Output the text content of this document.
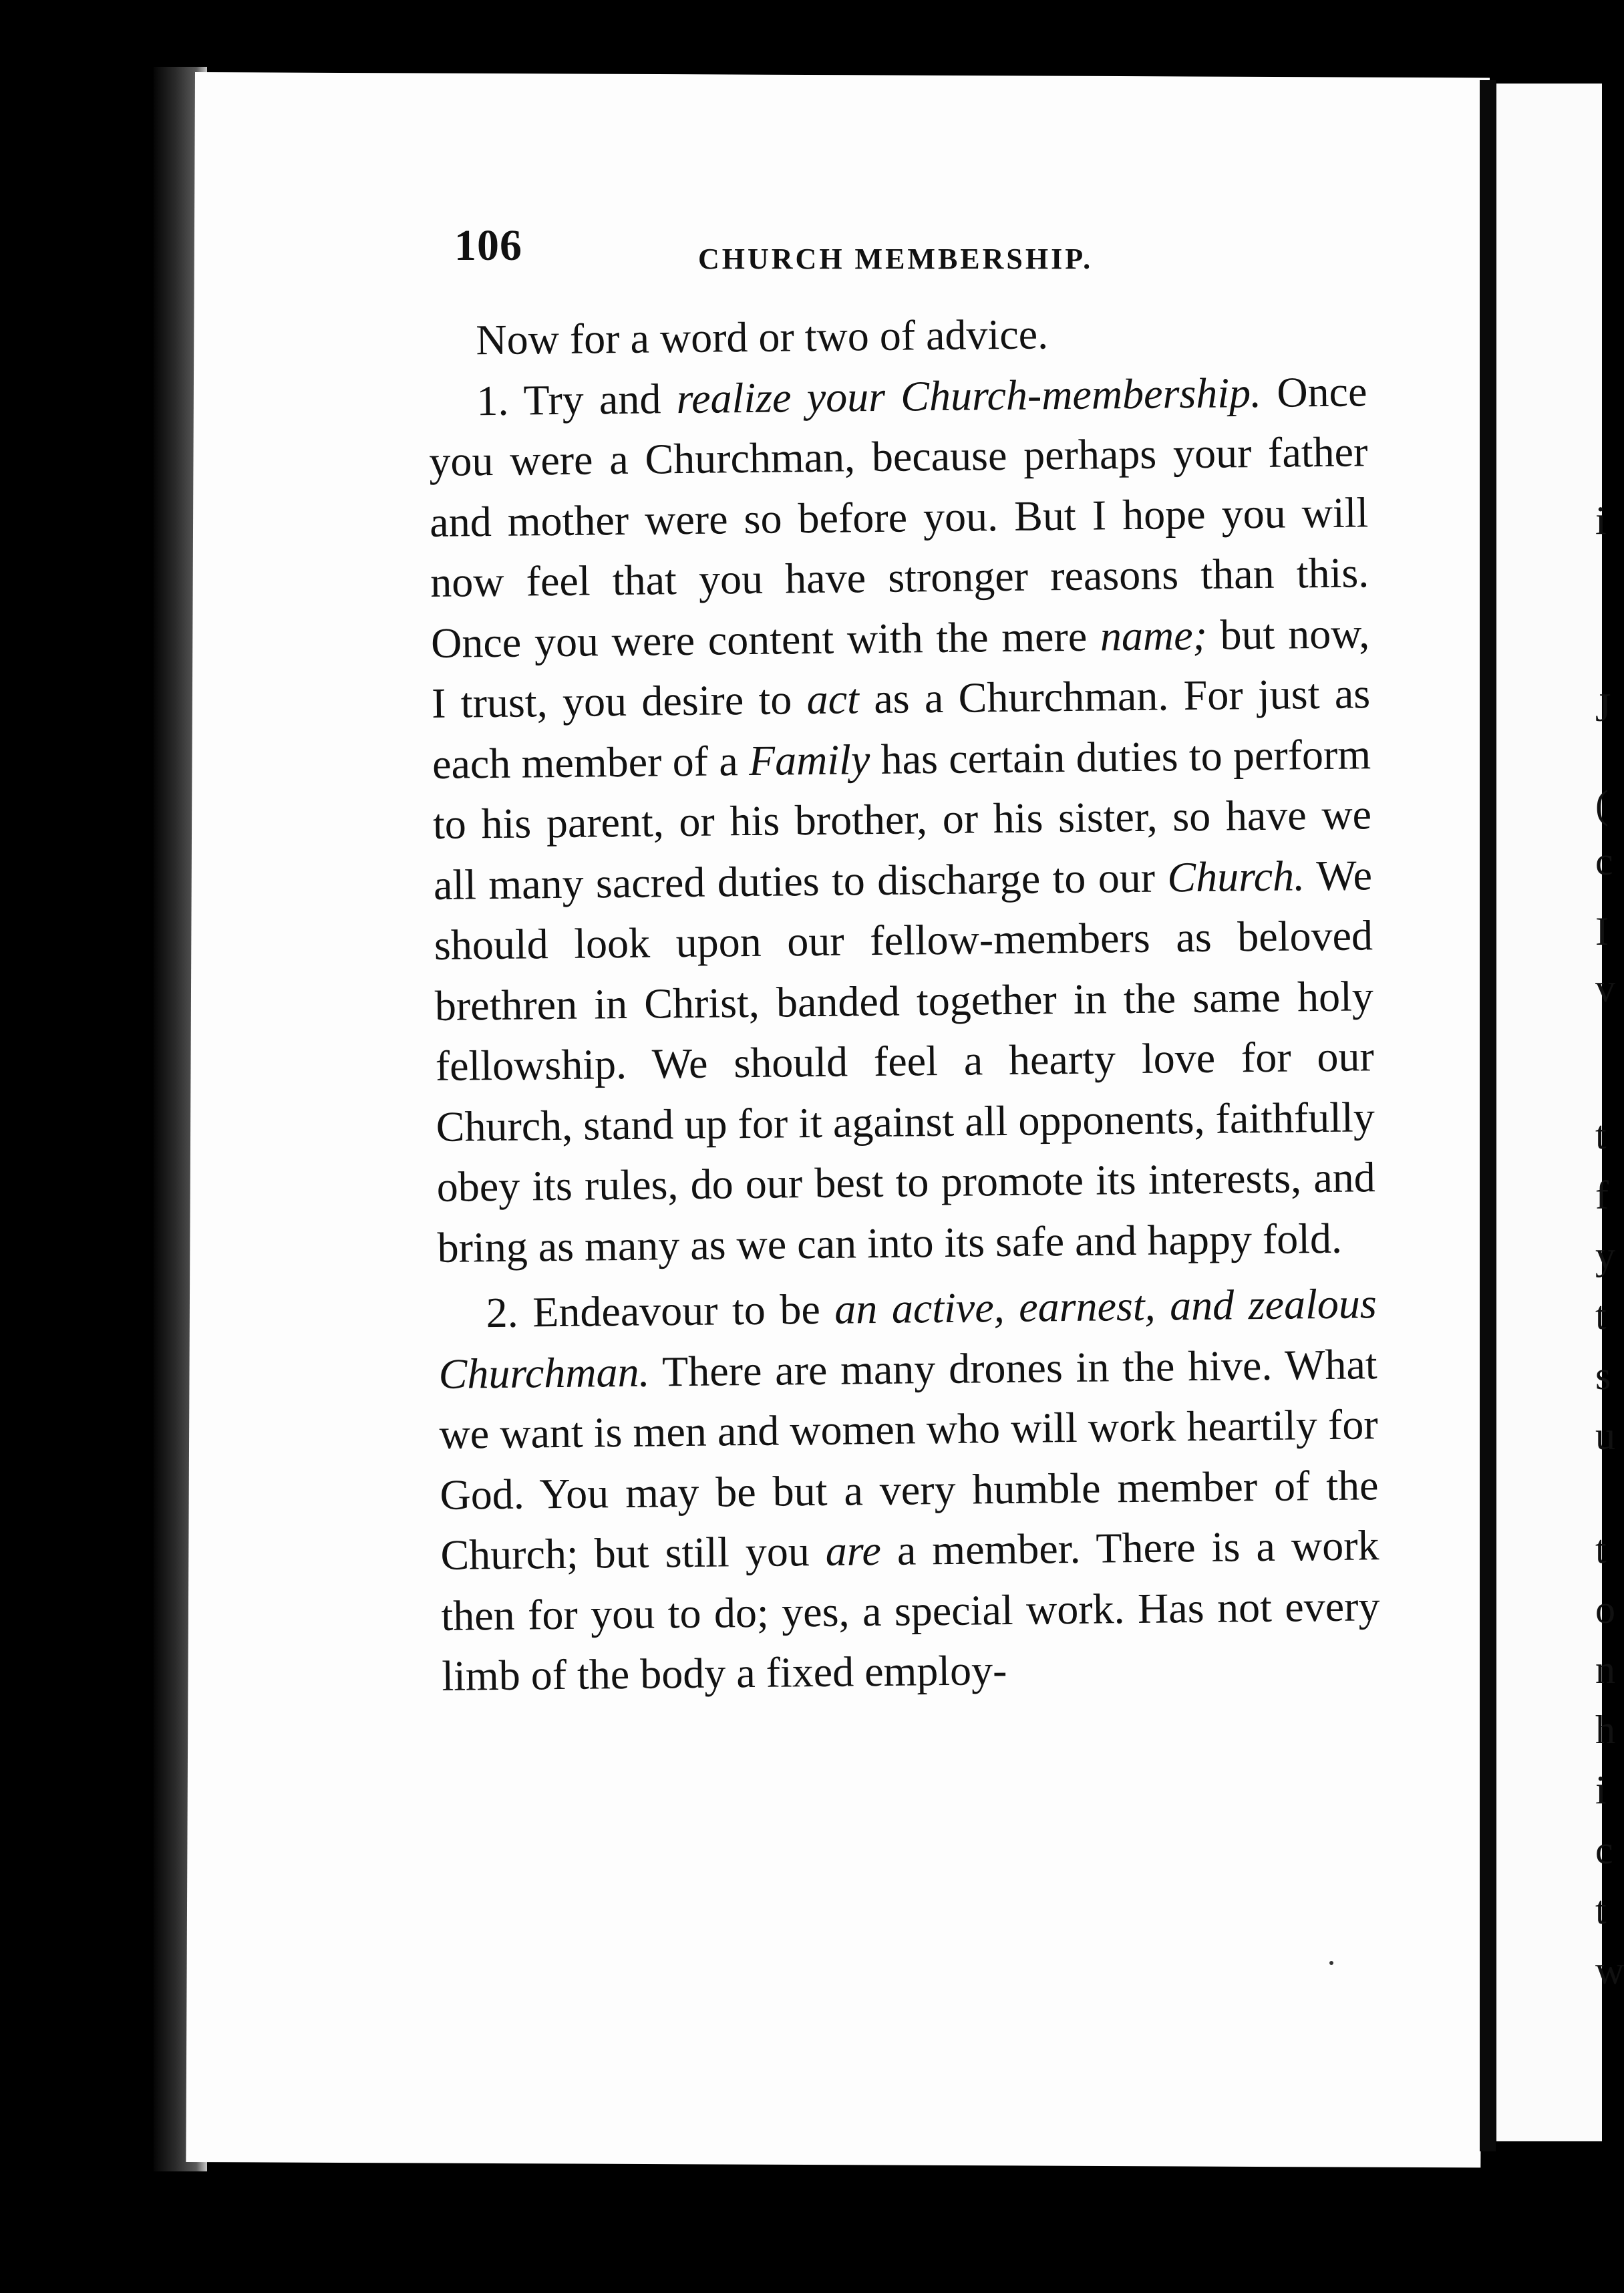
i
J
(
c
I
v
t
f
y
t
s
u
t
o
n
h
i
c
t
w
106	CHURCH MEMBERSHIP.

Now for a word or two of advice.

1. Try and realize your Church-membership. Once you were a Churchman, because perhaps your father and mother were so before you. But I hope you will now feel that you have stronger reasons than this. Once you were content with the mere name; but now, I trust, you desire to act as a Churchman. For just as each member of a Family has certain duties to perform to his parent, or his brother, or his sister, so have we all many sacred duties to discharge to our Church. We should look upon our fellow-members as beloved brethren in Christ, banded together in the same holy fellowship. We should feel a hearty love for our Church, stand up for it against all opponents, faithfully obey its rules, do our best to promote its interests, and bring as many as we can into its safe and happy fold.

2. Endeavour to be an active, earnest, and zealous Churchman. There are many drones in the hive. What we want is men and women who will work heartily for God. You may be but a very humble member of the Church; but still you are a member. There is a work then for you to do; yes, a special work. Has not every limb of the body a fixed employ-
